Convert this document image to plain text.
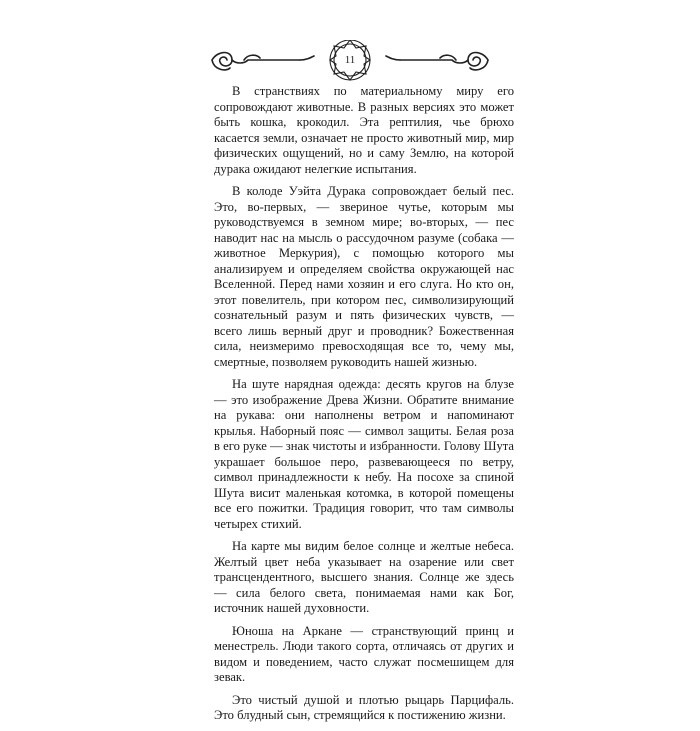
11

В странствиях по материальному миру его сопровождают животные. В разных версиях это может быть кошка, крокодил. Эта рептилия, чье брюхо касается земли, означает не просто животный мир, мир физических ощущений, но и саму Землю, на которой дурака ожидают нелегкие испытания.

В колоде Уэйта Дурака сопровождает белый пес. Это, во-первых, — звериное чутье, которым мы руководствуемся в земном мире; во-вторых, — пес наводит нас на мысль о рассудочном разуме (собака — животное Меркурия), с помощью которого мы анализируем и определяем свойства окружающей нас Вселенной. Перед нами хозяин и его слуга. Но кто он, этот повелитель, при котором пес, символизирующий сознательный разум и пять физических чувств, — всего лишь верный друг и проводник? Божественная сила, неизмеримо превосходящая все то, чему мы, смертные, позволяем руководить нашей жизнью.

На шуте нарядная одежда: десять кругов на блузе — это изображение Древа Жизни. Обратите внимание на рукава: они наполнены ветром и напоминают крылья. Наборный пояс — символ защиты. Белая роза в его руке — знак чистоты и избранности. Голову Шута украшает большое перо, развевающееся по ветру, символ принадлежности к небу. На посохе за спиной Шута висит маленькая котомка, в которой помещены все его пожитки. Традиция говорит, что там символы четырех стихий.

На карте мы видим белое солнце и желтые небеса. Желтый цвет неба указывает на озарение или свет трансцендентного, высшего знания. Солнце же здесь — сила белого света, понимаемая нами как Бог, источник нашей духовности.

Юноша на Аркане — странствующий принц и менестрель. Люди такого сорта, отличаясь от других и видом и поведением, часто служат посмешищем для зевак.

Это чистый душой и плотью рыцарь Парцифаль. Это блудный сын, стремящийся к постижению жизни.
